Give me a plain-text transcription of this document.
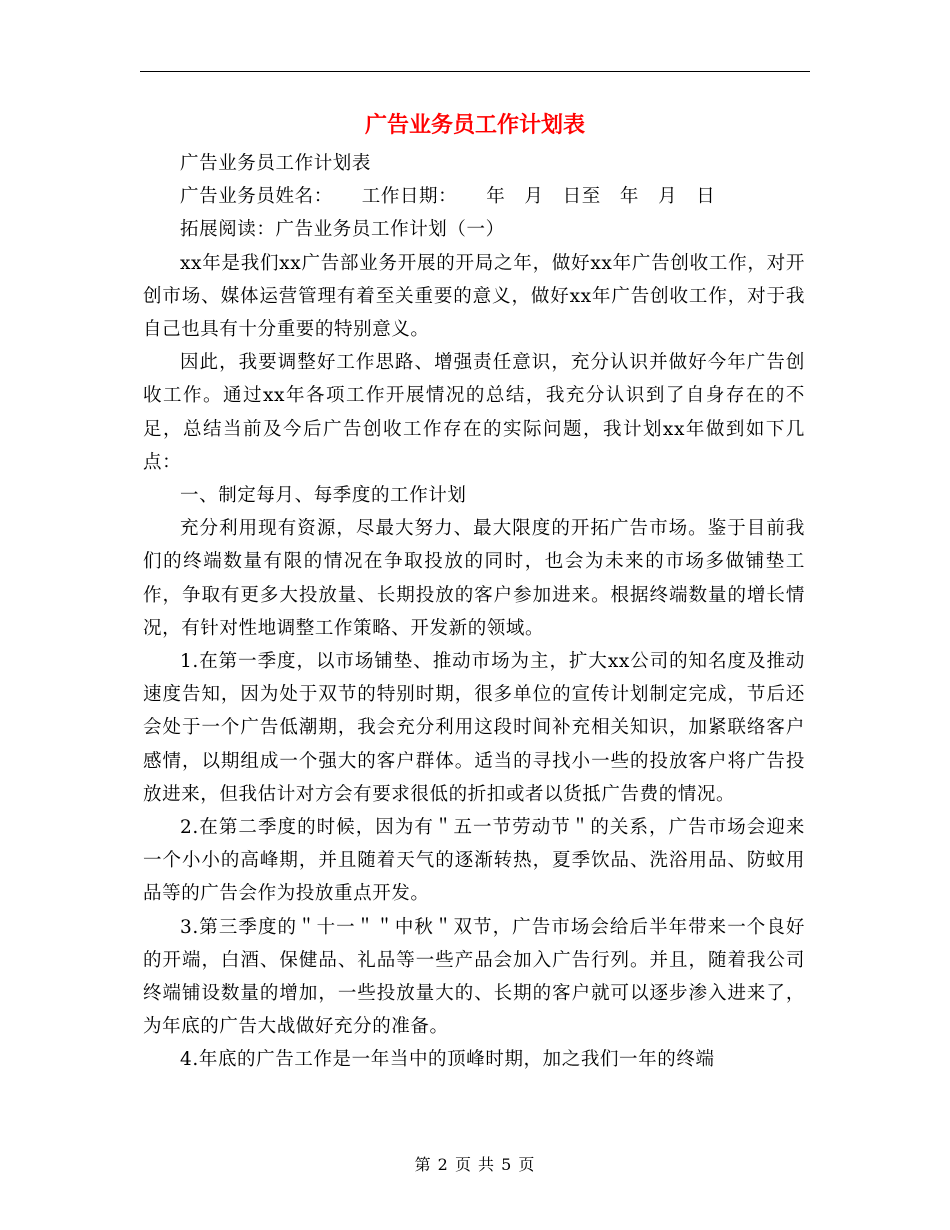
广告业务员工作计划表

广告业务员工作计划表

广告业务员姓名：　　工作日期：　　年　月　日至　年　月　日

拓展阅读：广告业务员工作计划（一）

xx年是我们xx广告部业务开展的开局之年，做好xx年广告创收工作，对开创市场、媒体运营管理有着至关重要的意义，做好xx年广告创收工作，对于我自己也具有十分重要的特别意义。

因此，我要调整好工作思路、增强责任意识，充分认识并做好今年广告创收工作。通过xx年各项工作开展情况的总结，我充分认识到了自身存在的不足，总结当前及今后广告创收工作存在的实际问题，我计划xx年做到如下几点：

一、制定每月、每季度的工作计划

充分利用现有资源，尽最大努力、最大限度的开拓广告市场。鉴于目前我们的终端数量有限的情况在争取投放的同时，也会为未来的市场多做铺垫工作，争取有更多大投放量、长期投放的客户参加进来。根据终端数量的增长情况，有针对性地调整工作策略、开发新的领域。

1.在第一季度，以市场铺垫、推动市场为主，扩大xx公司的知名度及推动速度告知，因为处于双节的特别时期，很多单位的宣传计划制定完成，节后还会处于一个广告低潮期，我会充分利用这段时间补充相关知识，加紧联络客户感情，以期组成一个强大的客户群体。适当的寻找小一些的投放客户将广告投放进来，但我估计对方会有要求很低的折扣或者以货抵广告费的情况。

2.在第二季度的时候，因为有＂五一节劳动节＂的关系，广告市场会迎来一个小小的高峰期，并且随着天气的逐渐转热，夏季饮品、洗浴用品、防蚊用品等的广告会作为投放重点开发。

3.第三季度的＂十一＂＂中秋＂双节，广告市场会给后半年带来一个良好的开端，白酒、保健品、礼品等一些产品会加入广告行列。并且，随着我公司终端铺设数量的增加，一些投放量大的、长期的客户就可以逐步渗入进来了，为年底的广告大战做好充分的准备。

4.年底的广告工作是一年当中的顶峰时期，加之我们一年的终端

第 2 页 共 5 页
